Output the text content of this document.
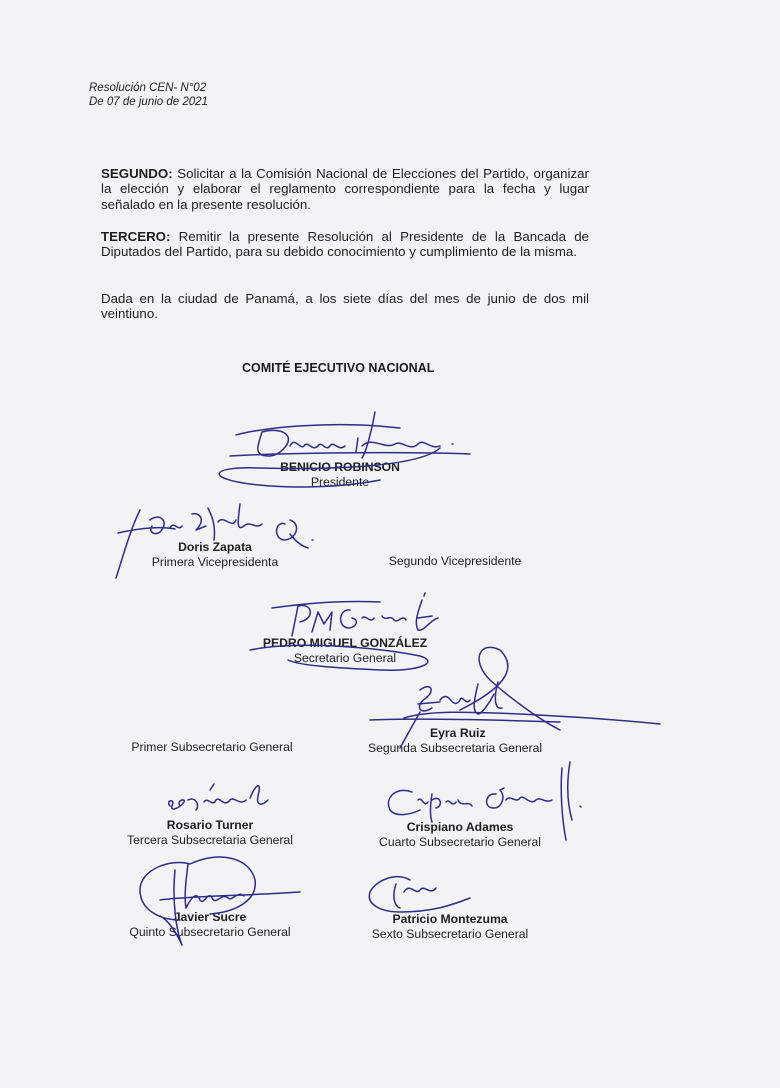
Resolución CEN- N°02
De 07 de junio de 2021
SEGUNDO: Solicitar a la Comisión Nacional de Elecciones del Partido, organizar la elección y elaborar el reglamento correspondiente para la fecha y lugar señalado en la presente resolución.
TERCERO: Remitir la presente Resolución al Presidente de la Bancada de Diputados del Partido, para su debido conocimiento y cumplimiento de la misma.
Dada en la ciudad de Panamá, a los siete días del mes de junio de dos mil veintiuno.
COMITÉ EJECUTIVO NACIONAL
BENICIO ROBINSON
Presidente
Doris Zapata
Primera Vicepresidenta	Segundo Vicepresidente
PEDRO MIGUEL GONZÁLEZ
Secretario General
Primer Subsecretario General
Eyra Ruiz
Segunda Subsecretaria General
Rosario Turner
Tercera Subsecretaria General
Crispiano Adames
Cuarto Subsecretario General
Javier Sucre
Quinto Subsecretario General
Patricio Montezuma
Sexto Subsecretario General
